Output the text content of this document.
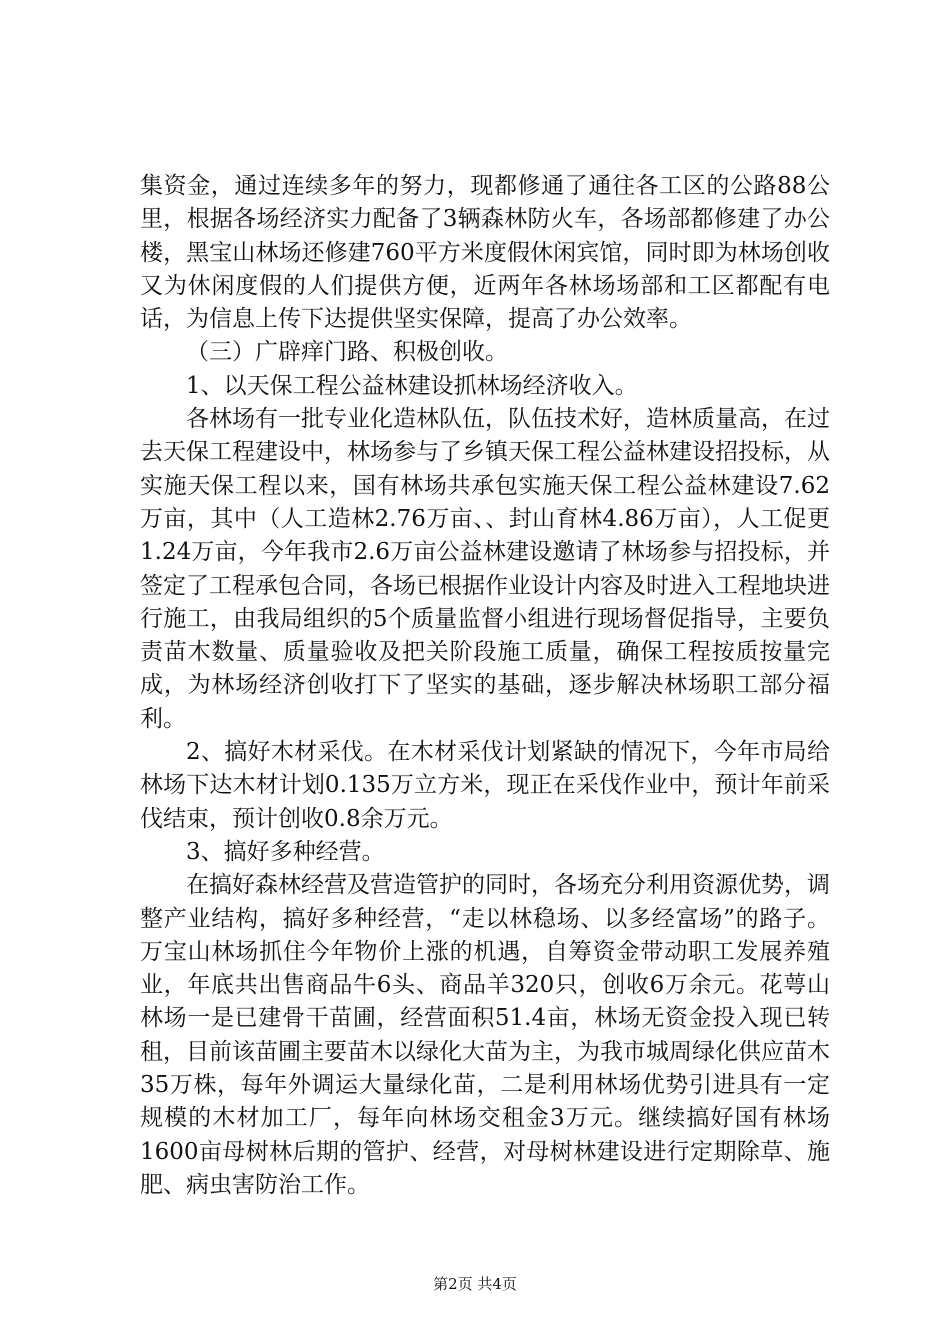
集资金，通过连续多年的努力，现都修通了通往各工区的公路88公里，根据各场经济实力配备了3辆森林防火车，各场部都修建了办公楼，黑宝山林场还修建760平方米度假休闲宾馆，同时即为林场创收又为休闲度假的人们提供方便，近两年各林场场部和工区都配有电话，为信息上传下达提供坚实保障，提高了办公效率。

（三）广辟痒门路、积极创收。

1、以天保工程公益林建设抓林场经济收入。

各林场有一批专业化造林队伍，队伍技术好，造林质量高，在过去天保工程建设中，林场参与了乡镇天保工程公益林建设招投标，从实施天保工程以来，国有林场共承包实施天保工程公益林建设7.62万亩，其中（人工造林2.76万亩、、封山育林4.86万亩），人工促更1.24万亩，今年我市2.6万亩公益林建设邀请了林场参与招投标，并签定了工程承包合同，各场已根据作业设计内容及时进入工程地块进行施工，由我局组织的5个质量监督小组进行现场督促指导，主要负责苗木数量、质量验收及把关阶段施工质量，确保工程按质按量完成，为林场经济创收打下了坚实的基础，逐步解决林场职工部分福利。

2、搞好木材采伐。在木材采伐计划紧缺的情况下，今年市局给林场下达木材计划0.135万立方米，现正在采伐作业中，预计年前采伐结束，预计创收0.8余万元。

3、搞好多种经营。

在搞好森林经营及营造管护的同时，各场充分利用资源优势，调整产业结构，搞好多种经营，“走以林稳场、以多经富场”的路子。万宝山林场抓住今年物价上涨的机遇，自筹资金带动职工发展养殖业，年底共出售商品牛6头、商品羊320只，创收6万余元。花萼山林场一是已建骨干苗圃，经营面积51.4亩，林场无资金投入现已转租，目前该苗圃主要苗木以绿化大苗为主，为我市城周绿化供应苗木35万株，每年外调运大量绿化苗，二是利用林场优势引进具有一定规模的木材加工厂，每年向林场交租金3万元。继续搞好国有林场1600亩母树林后期的管护、经营，对母树林建设进行定期除草、施肥、病虫害防治工作。

第2页 共4页
